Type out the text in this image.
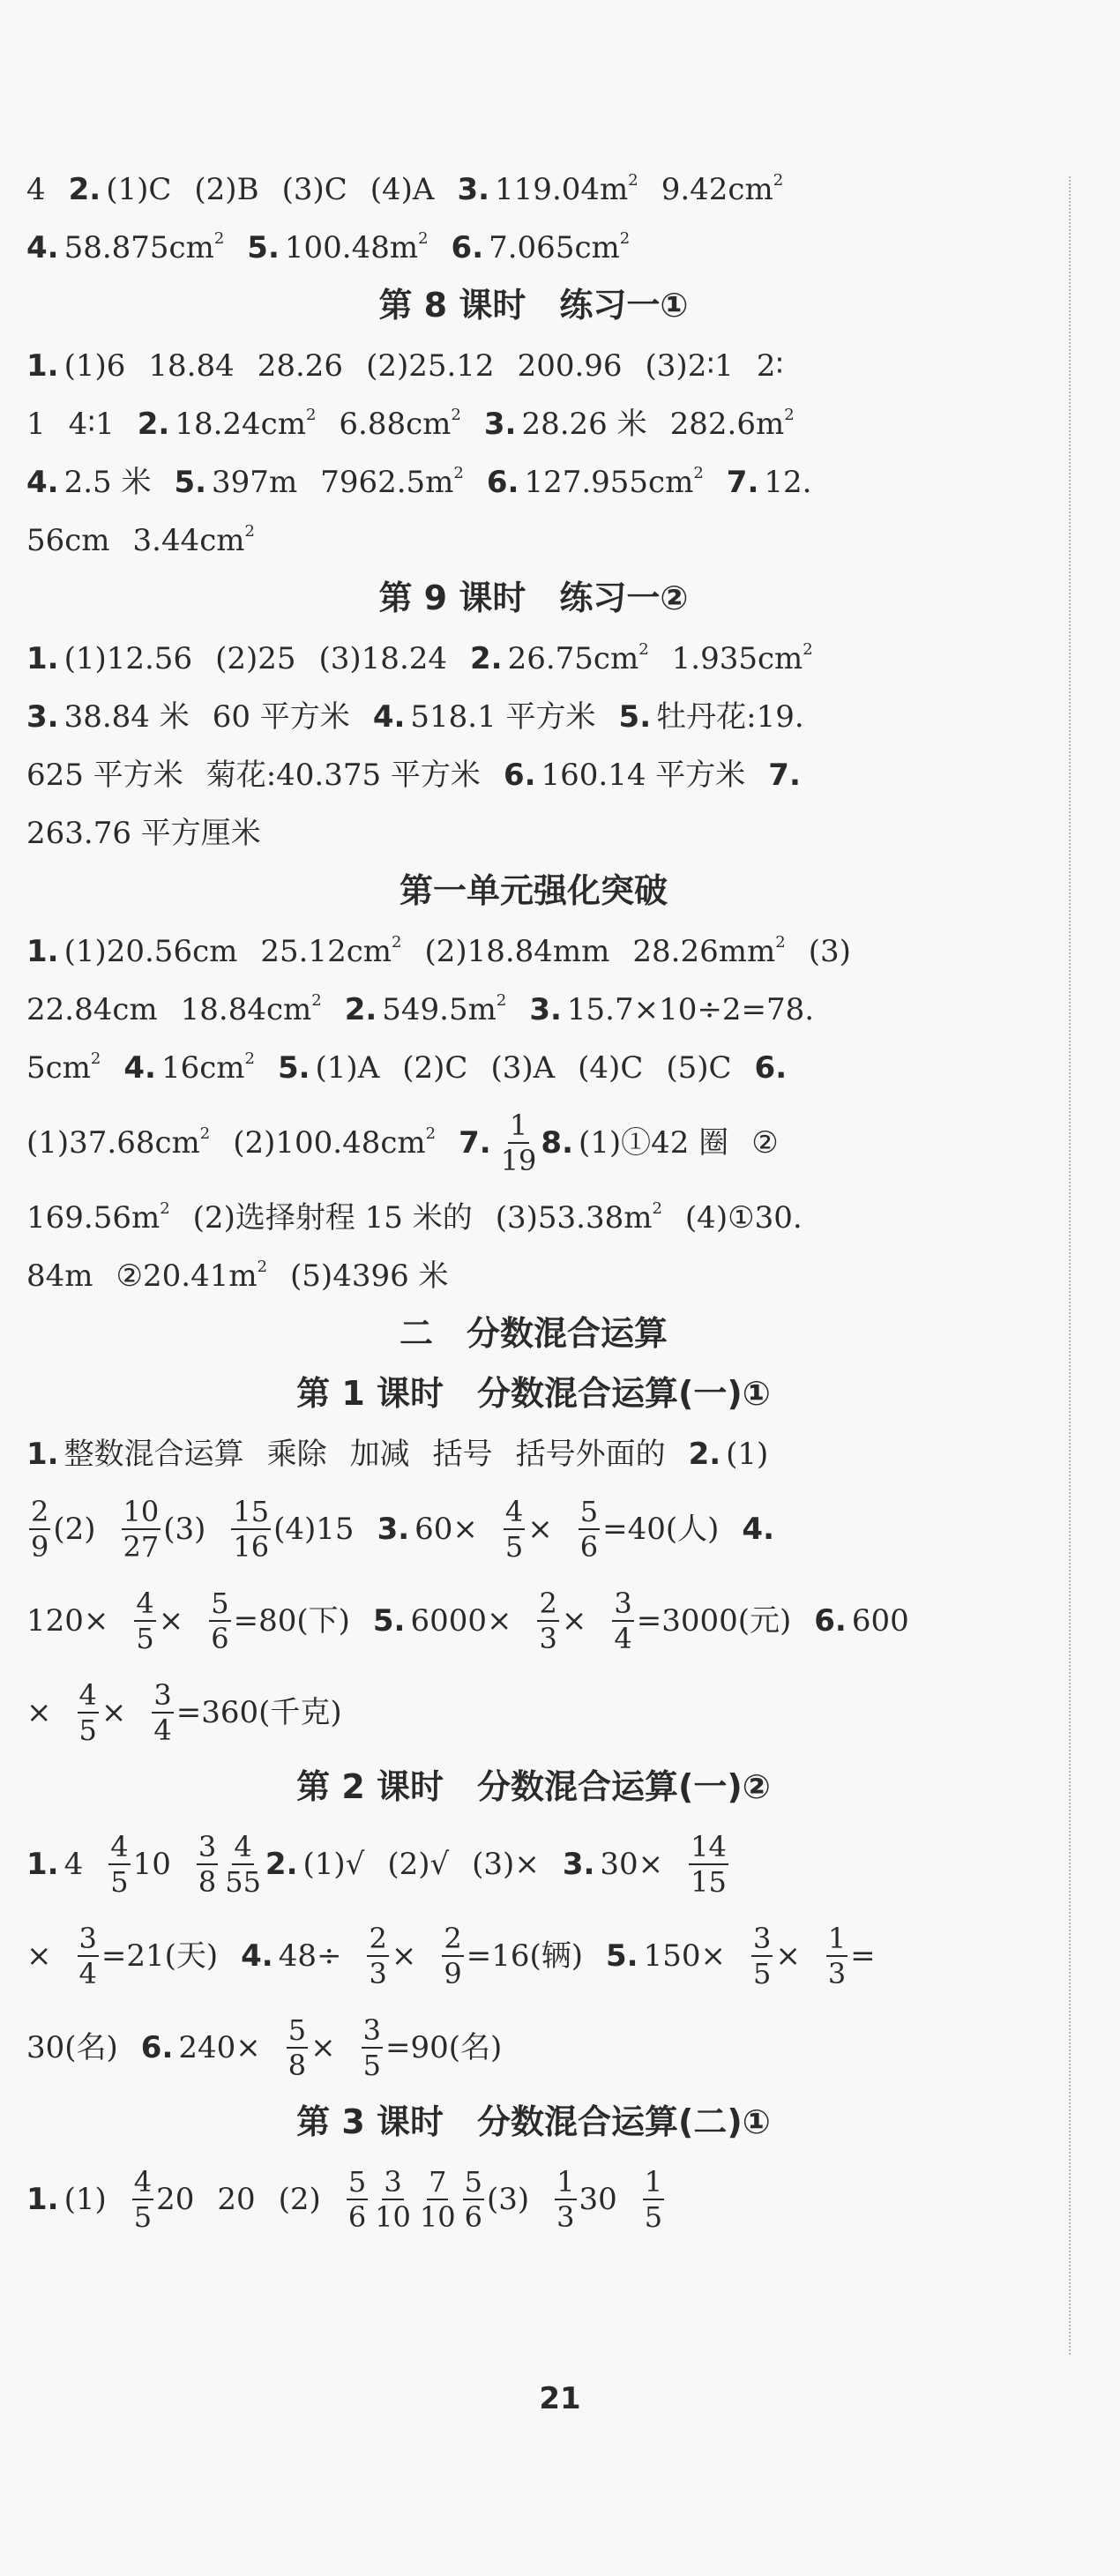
4 2. (1)C (2)B (3)C (4)A 3. $119.04m^2$ $9.42cm^2$
4. $58.875cm^2$ 5. $100.48m^2$ 6. $7.065cm^2$
第 8 课时　练习一①
1. (1)6 18.84 28.26 (2)25.12 200.96 (3)2∶1 2∶
1 4∶1 2. $18.24cm^2$ $6.88cm^2$ 3. 28.26 米 $282.6m^2$
4. 2.5 米 5. 397m $7962.5m^2$ 6. $127.955cm^2$ 7. 12.
56cm $3.44cm^2$
第 9 课时　练习一②
1. (1)12.56 (2)25 (3)18.24 2. $26.75cm^2$ $1.935cm^2$
3. 38.84 米 60 平方米 4. 518.1 平方米 5. 牡丹花:19.
625 平方米 菊花:40.375 平方米 6. 160.14 平方米 7.
263.76 平方厘米
第一单元强化突破
1. (1)20.56cm $25.12cm^2$ (2)18.84mm $28.26mm^2$ (3)
22.84cm $18.84cm^2$ 2. $549.5m^2$ 3. 15.7×10÷2=78.
$5cm^2$ 4. $16cm^2$ 5. (1)A (2)C (3)A (4)C (5)C 6.
$(1)37.68cm^2$ $(2)100.48cm^2$ 7. $\frac{1}{19} 8$. (1)①42 圈 ②
$169.56m^2$ (2)选择射程 15 米的 $(3)53.38m^2$ (4)①30.
84m $②20.41m^2$ (5)4396 米
二　分数混合运算
第 1 课时　分数混合运算(一)①
1. 整数混合运算 乘除 加减 括号 括号外面的 2. (1)
$\frac{2}{9} (2) \frac{10}{27} (3) \frac{15}{16} (4)15$ 3. $60\times \frac{4}{5} \times \frac{5}{6} =40$(人) 4.
$120\times \frac{4}{5} \times \frac{5}{6} =80$(下) 5. $6000\times \frac{2}{3} \times \frac{3}{4} =3000$(元) 6. 600
× $\frac{4}{5} \times \frac{3}{4} =360$(千克)
第 2 课时　分数混合运算(一)②
1. $4 \frac{4}{5} 10 \frac{3}{8} \frac{4}{55} 2$. (1)√ (2)√ (3)× 3. $30\times \frac{14}{15}$
× $\frac{3}{4} =21$(天) 4. $48\div \frac{2}{3} \times \frac{2}{9} =16$(辆) 5. $150\times \frac{3}{5} \times \frac{1}{3}$ =
30(名) 6. $240\times \frac{5}{8} \times \frac{3}{5} =90$(名)
第 3 课时　分数混合运算(二)①
1. $(1) \frac{4}{5} 20$ 20 $(2) \frac{5}{6} \frac{3}{10} \frac{7}{10} \frac{5}{6} (3) \frac{1}{3} 30 \frac{1}{5}$
21
